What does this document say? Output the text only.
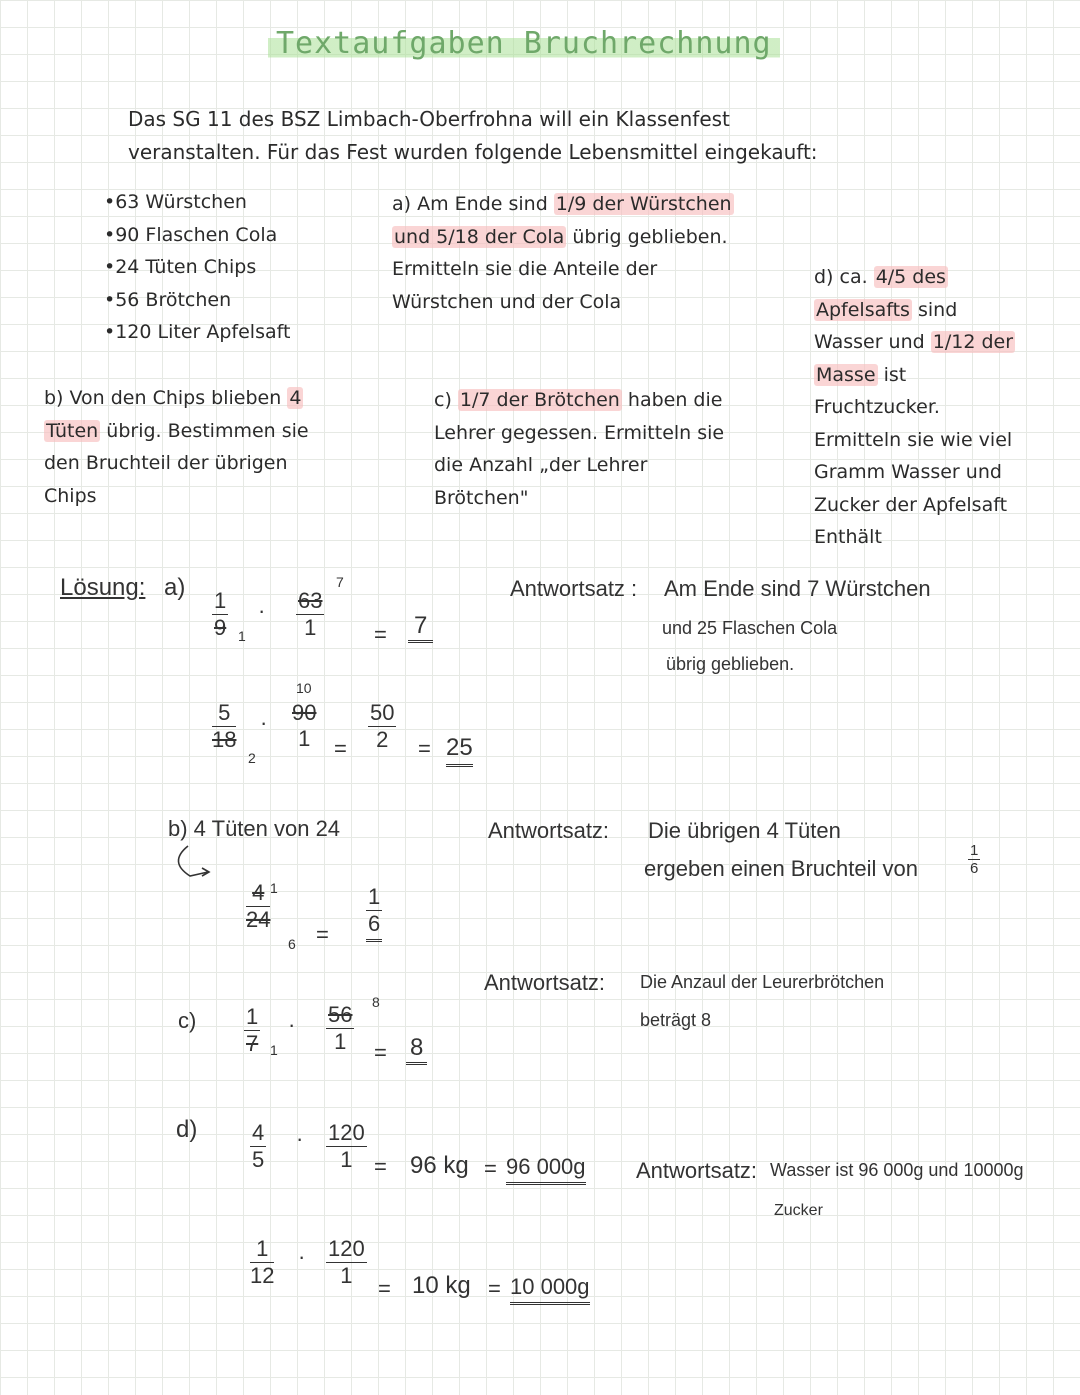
Textaufgaben Bruchrechnung
Das SG 11 des BSZ Limbach-Oberfrohna will ein Klassenfest
veranstalten. Für das Fest wurden folgende Lebensmittel eingekauft:
•63 Würstchen
•90 Flaschen Cola
•24 Tüten Chips
•56 Brötchen
•120 Liter Apfelsaft
a) Am Ende sind 1/9 der Würstchen
und 5/18 der Cola übrig geblieben.
Ermitteln sie die Anteile der
Würstchen und der Cola
b) Von den Chips blieben 4
Tüten übrig. Bestimmen sie
den Bruchteil der übrigen
Chips
c) 1/7 der Brötchen haben die
Lehrer gegessen. Ermitteln sie
die Anzahl „der Lehrer
Brötchen"
d) ca. 4/5 des
Apfelsafts sind
Wasser und 1/12 der
Masse ist
Fruchtzucker.
Ermitteln sie wie viel
Gramm Wasser und
Zucker der Apfelsaft
Enthält
Lösung: a)
$\frac{1}{9} 1$
· $\frac{63}{1}$
7
= 7
$\frac{5}{18}$
2
·
10
90
1	= $\frac{50}{2} = 25$
Antwortsatz : Am Ende sind 7 Würstchen
und 25 Flaschen Cola
übrig geblieben.
b) 4 Tüten von 24
$\frac{4}{24} 1$
$6 = \frac{1}{6}$
Antwortsatz: Die übrigen 4 Tüten
ergeben einen Bruchteil von	$\frac{1}{6}$
$c) \frac{1}{7} 1$
· $\frac{56}{1} 8$
= 8
Antwortsatz: Die Anzaul der Leurerbrötchen
beträgt 8
$d) \frac{4}{5} \cdot \frac{120}{1} = 96$ kg = 96 000g
$\frac{1}{12} \cdot \frac{120}{1} = 10$ kg = 10 000g
Antwortsatz: Wasser ist 96 000g und 10000g
Zucker
